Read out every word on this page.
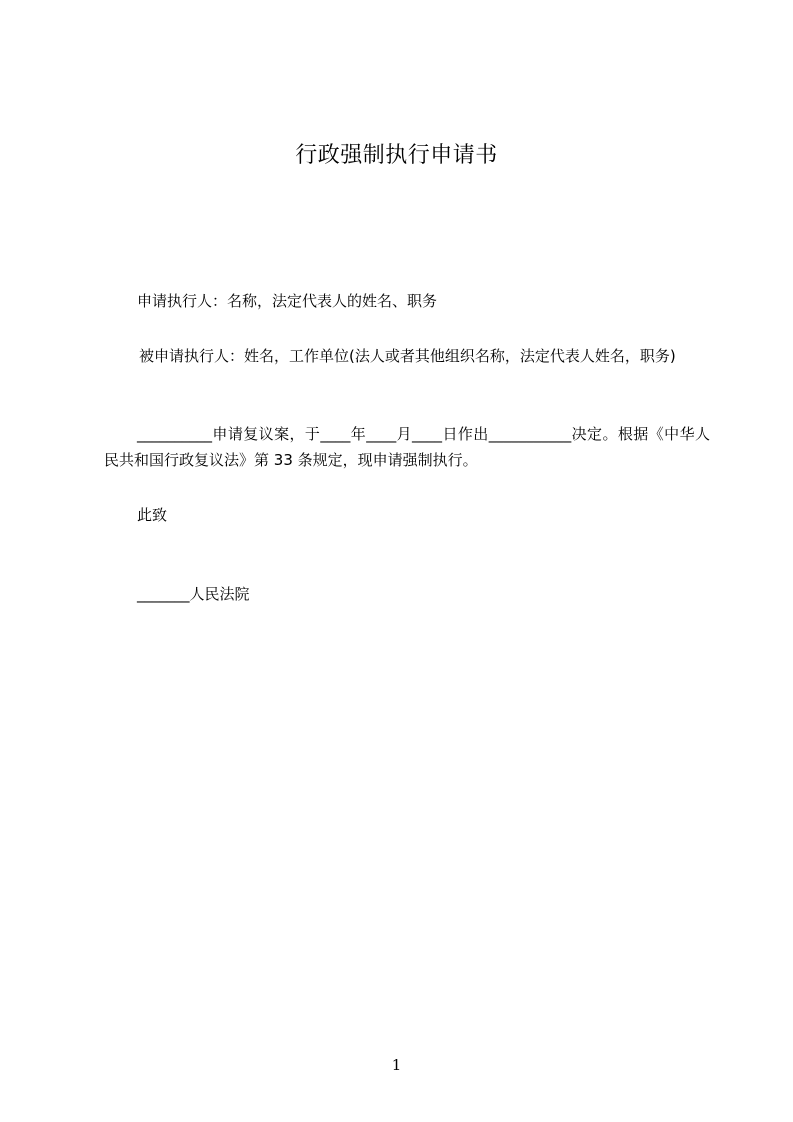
行政强制执行申请书
申请执行人：名称，法定代表人的姓名、职务
被申请执行人：姓名，工作单位(法人或者其他组织名称，法定代表人姓名，职务)
__________申请复议案，于____年____月____日作出___________决定。根据《中华人民共和国行政复议法》第 33 条规定，现申请强制执行。
此致
_______人民法院
1
